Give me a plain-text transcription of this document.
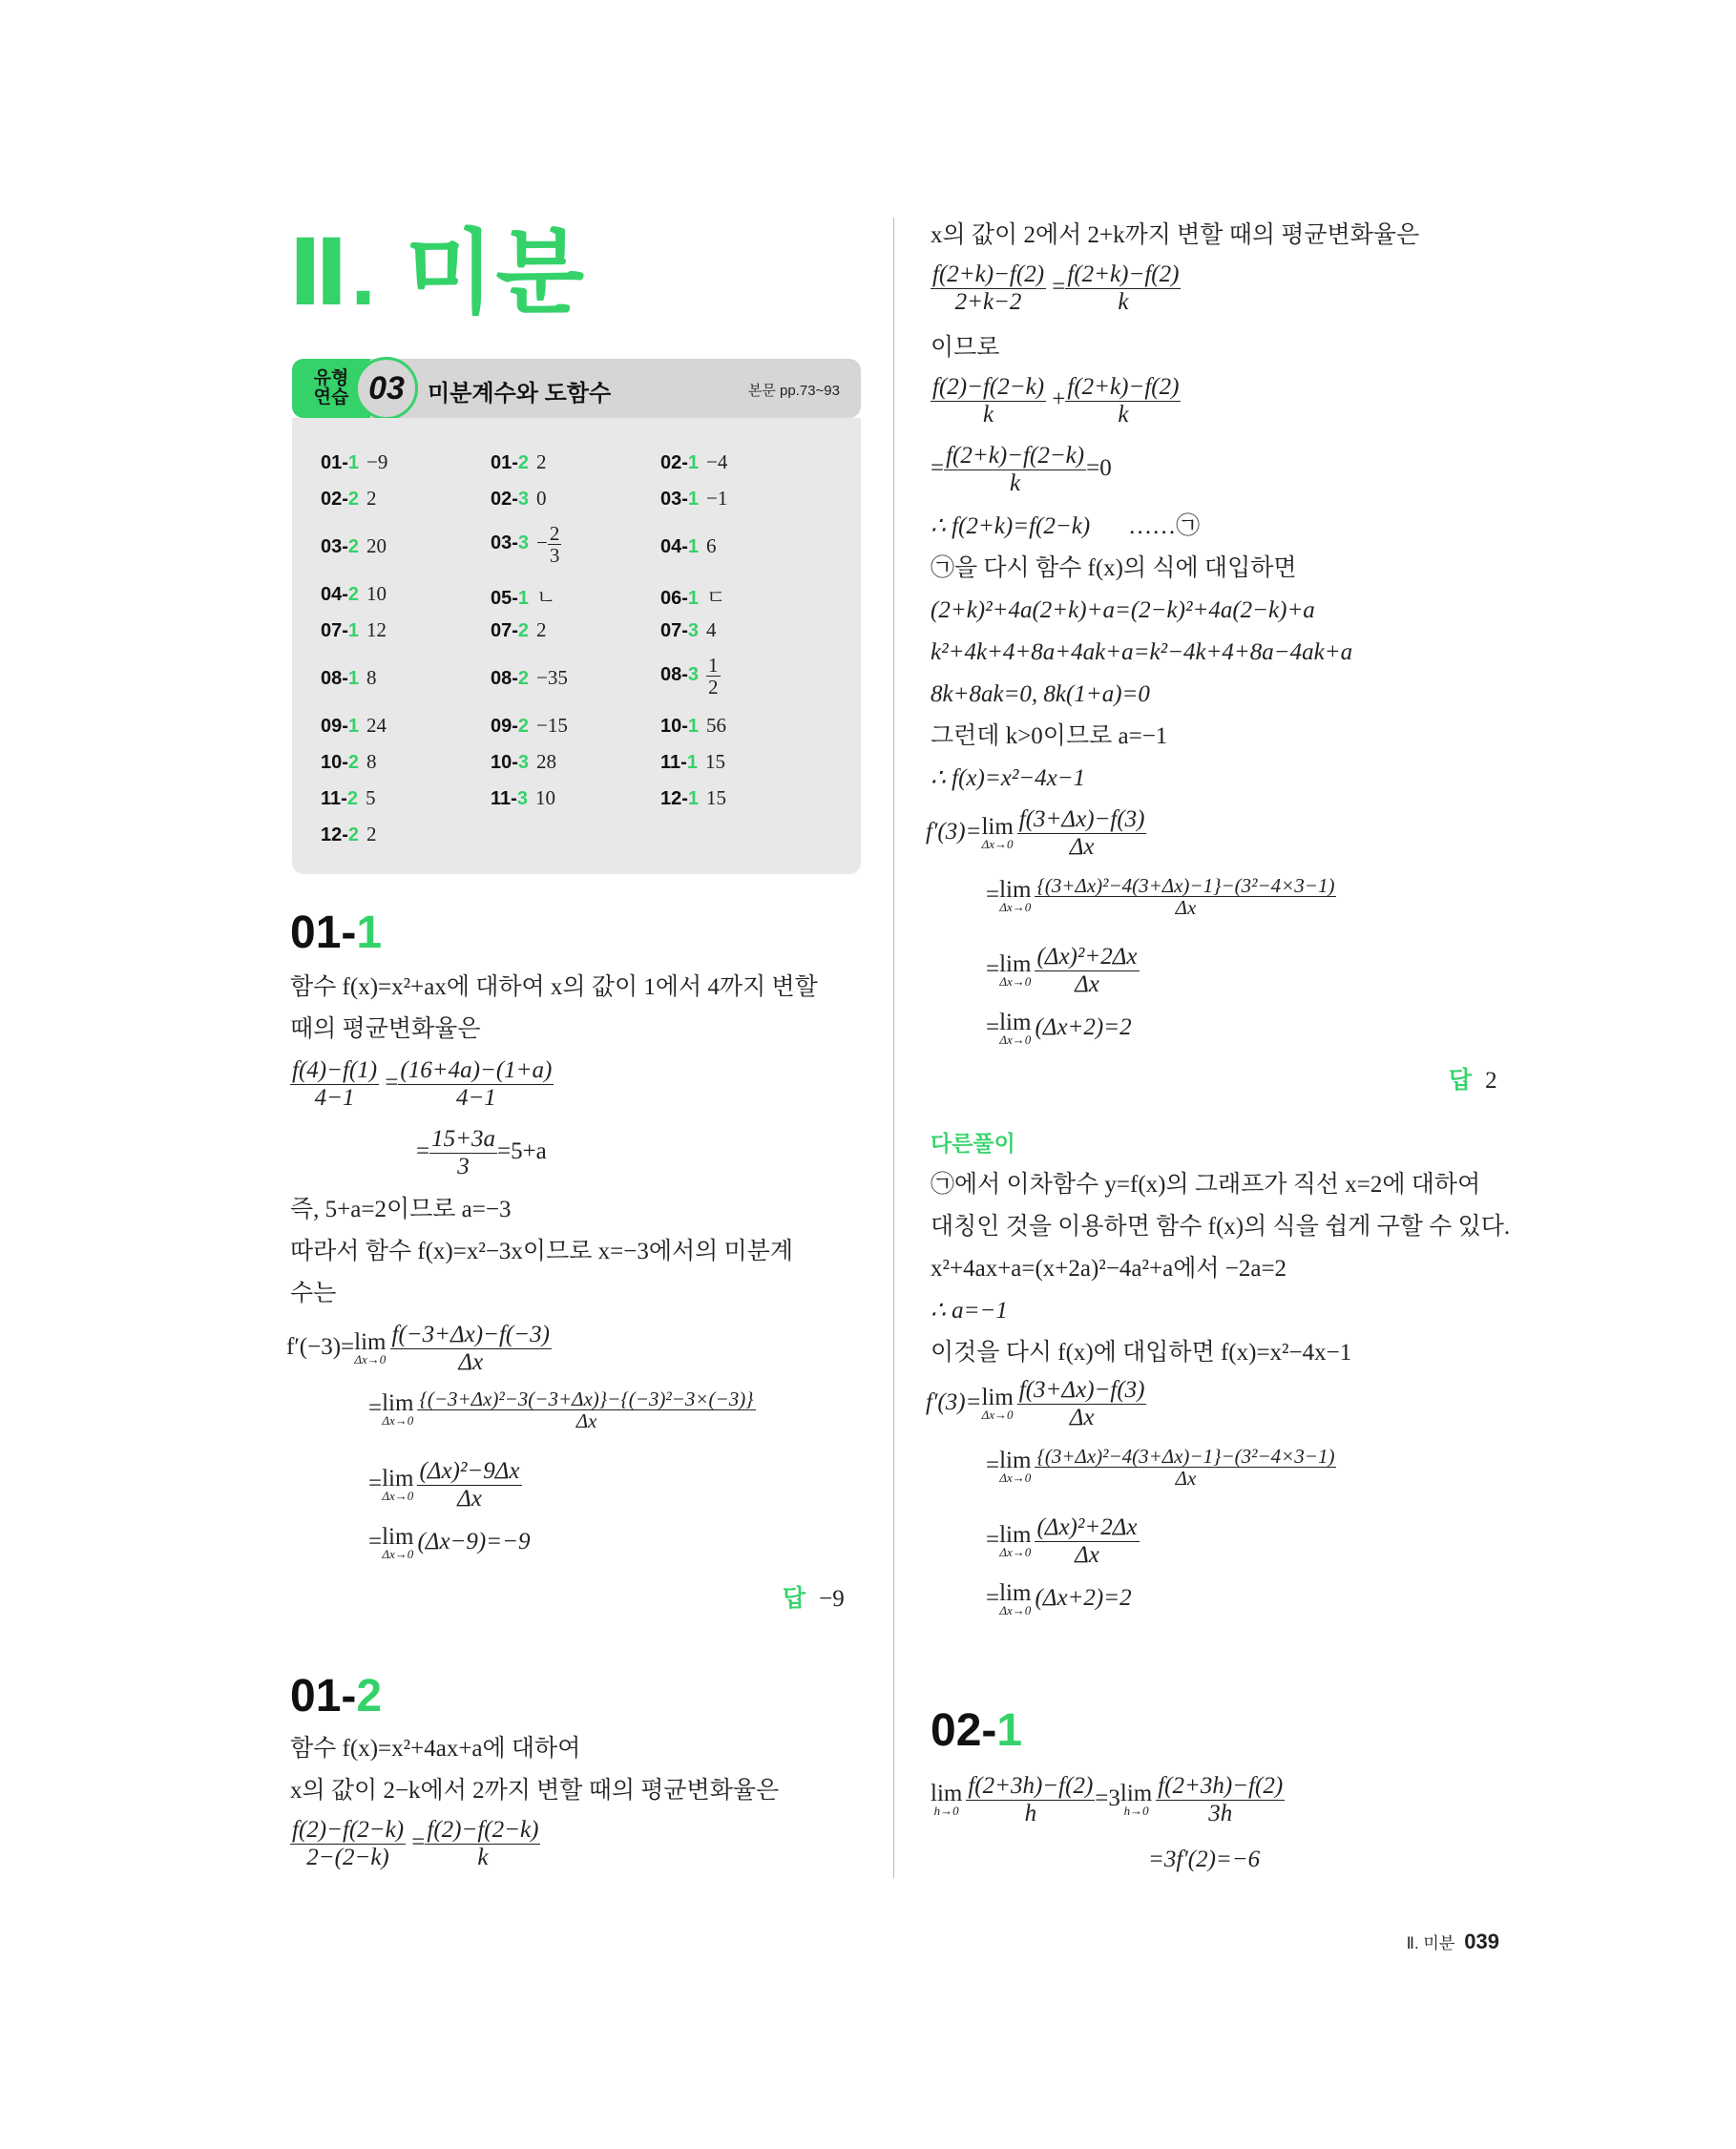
Ⅱ. 미분
유형
연습 03	미분계수와 도함수	본문 pp.73~93
01-1 −9	01-2 2	02-1 −4
02-2 2	02-3 0	03-1 −1
03-2 20	$03-3 - \frac{2}{3}$	04-1 6
04-2 10	05-1 ㄴ	06-1 ㄷ
07-1 12	07-2 2	07-3 4
08-1 8	08-2 −35	$08-3 \frac{1}{2}$
09-1 24	09-2 −15	10-1 56
10-2 8	10-3 28	11-1 15
11-2 5	11-3 10	12-1 15
12-2 2
01-1
함수 f(x)=x²+ax에 대하여 x의 값이 1에서 4까지 변할
때의 평균변화율은
$\frac{f(4)-f(1)}{4-1} = \frac{(16+4a)-(1+a)}{4-1}$
= $\frac{15+3a}{3} =5+a$
즉, 5+a=2이므로 a=−3
따라서 함수 f(x)=x²−3x이므로 x=−3에서의 미분계
수는
f′(−3)=lim
$\Delta x\to 0 \frac{f(-3+\Delta x)-f(-3)}{\Delta x}$
=lim
$\Delta x\to 0 \frac{\text{\{(−3+Δx)²−3(−3+Δx)\}−\{(−3)²−3×(−3)\}}}{\Delta x}$
=lim
$\Delta x\to 0 \frac{\text{(Δx)²−9Δx}}{\Delta x}$
=lim
Δx→0 (Δx−9)=−9
답 −9
01-2
함수 f(x)=x²+4ax+a에 대하여
x의 값이 2−k에서 2까지 변할 때의 평균변화율은
$\frac{f(2)-f(2-k)}{2-(2-k)} = \frac{f(2)-f(2-k)}{k}$
x의 값이 2에서 2+k까지 변할 때의 평균변화율은
$\frac{f(2+k)-f(2)}{2+k-2} = \frac{f(2+k)-f(2)}{k}$
이므로
$\frac{f(2)-f(2-k)}{k} + \frac{f(2+k)-f(2)}{k}$
= $\frac{f(2+k)-f(2-k)}{k} =0$
∴ f(2+k)=f(2−k) ……㉠
㉠을 다시 함수 f(x)의 식에 대입하면
(2+k)²+4a(2+k)+a=(2−k)²+4a(2−k)+a
k²+4k+4+8a+4ak+a=k²−4k+4+8a−4ak+a
8k+8ak=0, 8k(1+a)=0
그런데 k>0이므로 a=−1
∴ f(x)=x²−4x−1
f′(3)=lim
$\Delta x\to 0 \frac{f(3+\Delta x)-f(3)}{\Delta x}$
=lim
$\Delta x\to 0 \frac{\text{\{(3+Δx)²−4(3+Δx)−1\}−(3²−4×3−1)}}{\Delta x}$
=lim
$\Delta x\to 0 \frac{\text{(Δx)²+2Δx}}{\Delta x}$
=lim
Δx→0 (Δx+2)=2
답 2
다른풀이
㉠에서 이차함수 y=f(x)의 그래프가 직선 x=2에 대하여
대칭인 것을 이용하면 함수 f(x)의 식을 쉽게 구할 수 있다.
x²+4ax+a=(x+2a)²−4a²+a에서 −2a=2
∴ a=−1
이것을 다시 f(x)에 대입하면 f(x)=x²−4x−1
f′(3)=lim
$\Delta x\to 0 \frac{f(3+\Delta x)-f(3)}{\Delta x}$
=lim
$\Delta x\to 0 \frac{\text{\{(3+Δx)²−4(3+Δx)−1\}−(3²−4×3−1)}}{\Delta x}$
=lim
$\Delta x\to 0 \frac{\text{(Δx)²+2Δx}}{\Delta x}$
=lim
Δx→0 (Δx+2)=2
02-1
lim
$h\to 0 \frac{f(2+3h)-f(2)}{h} =3\lim$
$h\to 0 \frac{f(2+3h)-f(2)}{3h}$
=3f′(2)=−6
Ⅱ. 미분 039
